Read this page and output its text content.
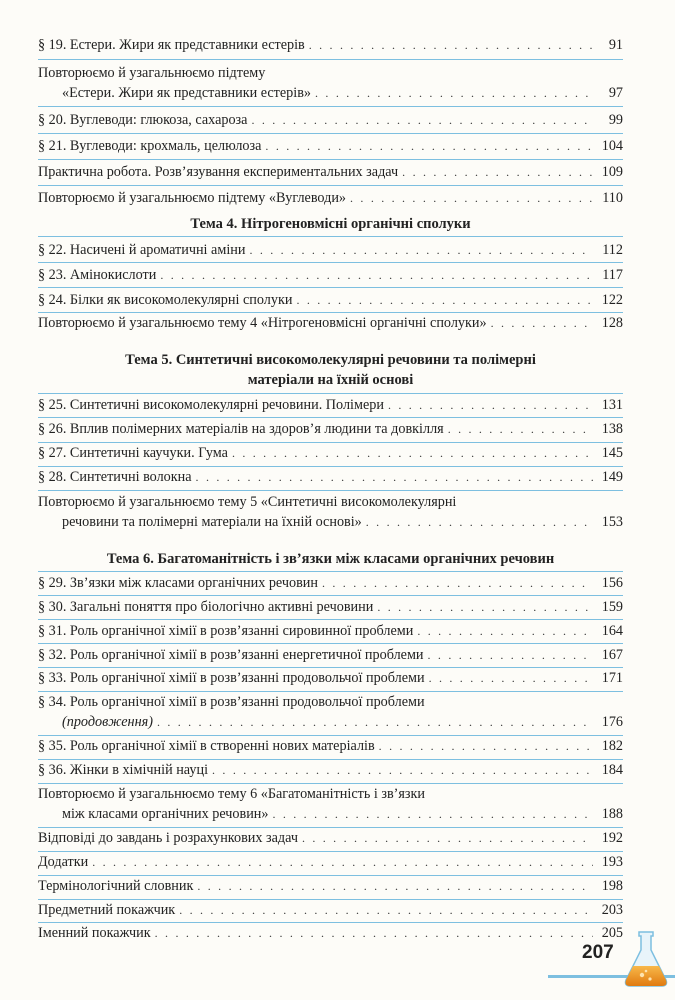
§ 19. Естери. Жири як представники естерів . . .	91
Повторюємо й узагальнюємо підтему
«Естери. Жири як представники естерів» . . .	97
§ 20. Вуглеводи: глюкоза, сахароза . . .	99
§ 21. Вуглеводи: крохмаль, целюлоза . . .	104
Практична робота. Розв’язування експериментальних задач . . .	109
Повторюємо й узагальнюємо підтему «Вуглеводи» . . .	110
Тема 4. Нітрогеновмісні органічні сполуки
§ 22. Насичені й ароматичні аміни . . .	112
§ 23. Амінокислоти . . .	117
§ 24. Білки як високомолекулярні сполуки . . .	122
Повторюємо й узагальнюємо тему 4 «Нітрогеновмісні органічні сполуки» . . .	128
Тема 5. Синтетичні високомолекулярні речовини та полімерні
матеріали на їхній основі
§ 25. Синтетичні високомолекулярні речовини. Полімери . . .	131
§ 26. Вплив полімерних матеріалів на здоров’я людини та довкілля . . .	138
§ 27. Синтетичні каучуки. Гума . . .	145
§ 28. Синтетичні волокна . . .	149
Повторюємо й узагальнюємо тему 5 «Синтетичні високомолекулярні
речовини та полімерні матеріали на їхній основі» . . .	153
Тема 6. Багатоманітність і зв’язки між класами органічних речовин
§ 29. Зв’язки між класами органічних речовин . . .	156
§ 30. Загальні поняття про біологічно активні речовини . . .	159
§ 31. Роль органічної хімії в розв’язанні сировинної проблеми . . .	164
§ 32. Роль органічної хімії в розв’язанні енергетичної проблеми . . .	167
§ 33. Роль органічної хімії в розв’язанні продовольчої проблеми . . .	171
§ 34. Роль органічної хімії в розв’язанні продовольчої проблеми
(продовження) . . .	176
§ 35. Роль органічної хімії в створенні нових матеріалів . . .	182
§ 36. Жінки в хімічній науці . . .	184
Повторюємо й узагальнюємо тему 6 «Багатоманітність і зв’язки
між класами органічних речовин» . . .	188
Відповіді до завдань і розрахункових задач . . .	192
Додатки . . .	193
Термінологічний словник . . .	198
Предметний покажчик . . .	203
Іменний покажчик . . .	205
207
